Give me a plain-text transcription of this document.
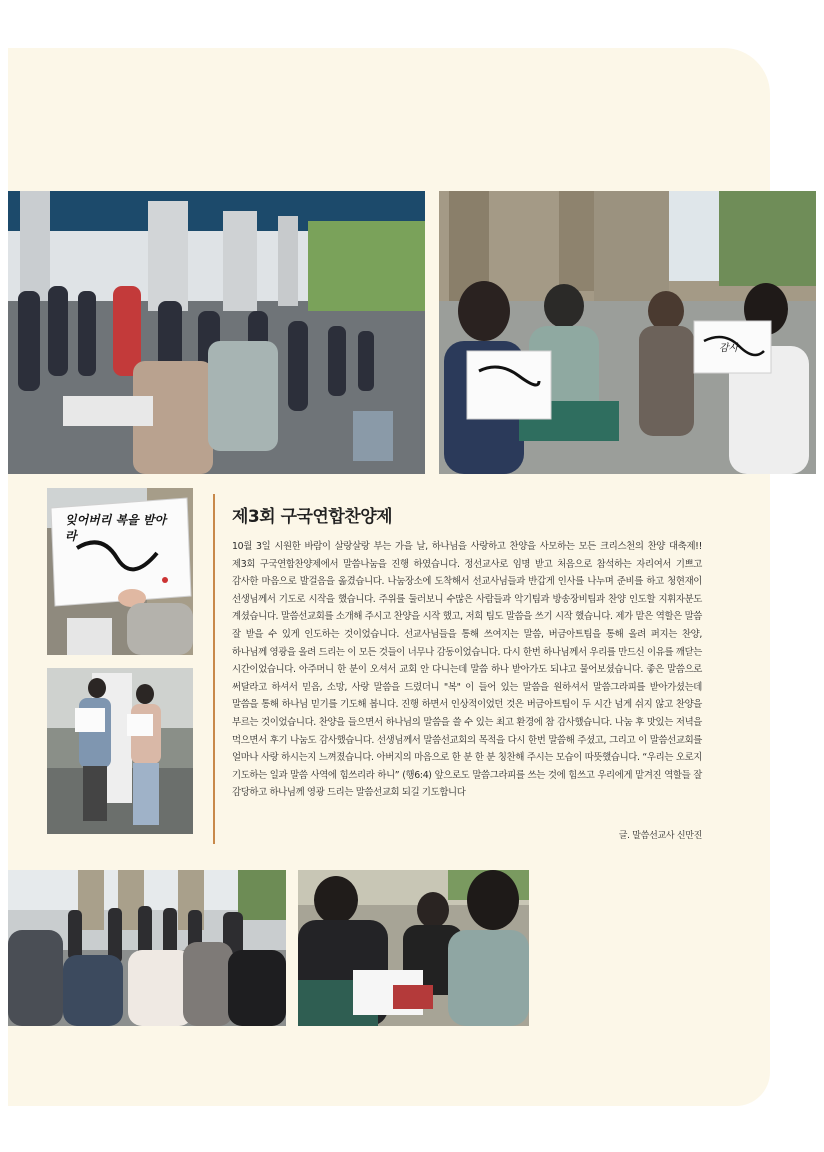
감사
잊어버리 복을 받아라
제3회 구국연합찬양제

10월 3일 시원한 바람이 살랑살랑 부는 가을 날, 하나님을 사랑하고 찬양을 사모하는 모든 크리스천의 찬양 대축제!! 제3회 구국연합찬양제에서 말씀나눔을 진행 하였습니다. 정선교사로 임명 받고 처음으로 참석하는 자리여서 기쁘고 감사한 마음으로 발걸음을 옮겼습니다. 나눔장소에 도착해서 선교사님들과 반갑게 인사를 나누며 준비를 하고 청현재이 선생님께서 기도로 시작을 했습니다. 주위를 둘러보니 수많은 사람들과 악기팀과 방송장비팀과 찬양 인도할 지휘자분도 계셨습니다. 말씀선교회를 소개해 주시고 찬양을 시작 했고, 저희 팀도 말씀을 쓰기 시작 했습니다. 제가 맡은 역할은 말씀 잘 받을 수 있게 인도하는 것이었습니다. 선교사님들을 통해 쓰여지는 말씀, 버금아트팀을 통해 올려 퍼지는 찬양, 하나님께 영광을 올려 드리는 이 모든 것들이 너무나 감동이었습니다. 다시 한번 하나님께서 우리를 만드신 이유를 깨닫는 시간이었습니다. 아주머니 한 분이 오셔서 교회 안 다니는데 말씀 하나 받아가도 되냐고 물어보셨습니다. 좋은 말씀으로 써달라고 하셔서 믿음, 소망, 사랑 말씀을 드렸더니 "복" 이 들어 있는 말씀을 원하셔서 말씀그라피를 받아가셨는데 말씀을 통해 하나님 믿기를 기도해 봅니다. 진행 하면서 인상적이었던 것은 버금아트팀이 두 시간 넘게 쉬지 않고 찬양을 부르는 것이었습니다. 찬양을 들으면서 하나님의 말씀을 쓸 수 있는 최고 환경에 참 감사했습니다. 나눔 후 맛있는 저녁을 먹으면서 후기 나눔도 감사했습니다. 선생님께서 말씀선교회의 목적을 다시 한번 말씀해 주셨고, 그리고 이 말씀선교회를 얼마나 사랑 하시는지 느껴졌습니다. 아버지의 마음으로 한 분 한 분 칭찬해 주시는 모습이 따뜻했습니다. “우리는 오로지 기도하는 일과 말씀 사역에 힘쓰리라 하니” (행6:4) 앞으로도 말씀그라피를 쓰는 것에 힘쓰고 우리에게 맡겨진 역할들 잘 감당하고 하나님께 영광 드리는 말씀선교회 되길 기도합니다

글. 말씀선교사 신만진
